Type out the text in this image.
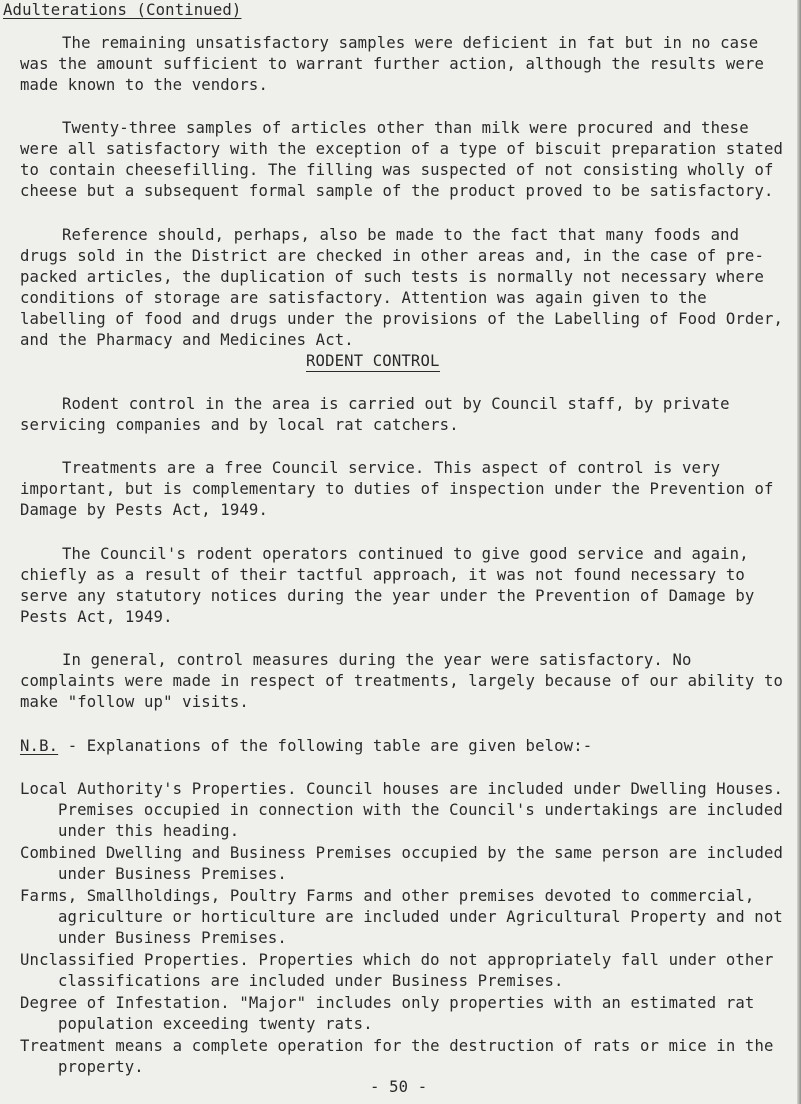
Adulterations (Continued)

The remaining unsatisfactory samples were deficient in fat but in no case was the amount sufficient to warrant further action, although the results were made known to the vendors.

Twenty-three samples of articles other than milk were procured and these were all satisfactory with the exception of a type of biscuit preparation stated to contain cheesefilling. The filling was suspected of not consisting wholly of cheese but a subsequent formal sample of the product proved to be satisfactory.

Reference should, perhaps, also be made to the fact that many foods and drugs sold in the District are checked in other areas and, in the case of pre-packed articles, the duplication of such tests is normally not necessary where conditions of storage are satisfactory. Attention was again given to the labelling of food and drugs under the provisions of the Labelling of Food Order, and the Pharmacy and Medicines Act.

RODENT CONTROL

Rodent control in the area is carried out by Council staff, by private servicing companies and by local rat catchers.

Treatments are a free Council service. This aspect of control is very important, but is complementary to duties of inspection under the Prevention of Damage by Pests Act, 1949.

The Council's rodent operators continued to give good service and again, chiefly as a result of their tactful approach, it was not found necessary to serve any statutory notices during the year under the Prevention of Damage by Pests Act, 1949.

In general, control measures during the year were satisfactory. No complaints were made in respect of treatments, largely because of our ability to make "follow up" visits.

N.B. - Explanations of the following table are given below:-

Local Authority's Properties. Council houses are included under Dwelling Houses. Premises occupied in connection with the Council's undertakings are included under this heading.

Combined Dwelling and Business Premises occupied by the same person are included under Business Premises.

Farms, Smallholdings, Poultry Farms and other premises devoted to commercial, agriculture or horticulture are included under Agricultural Property and not under Business Premises.

Unclassified Properties. Properties which do not appropriately fall under other classifications are included under Business Premises.

Degree of Infestation. "Major" includes only properties with an estimated rat population exceeding twenty rats.

Treatment means a complete operation for the destruction of rats or mice in the property.

- 50 -
